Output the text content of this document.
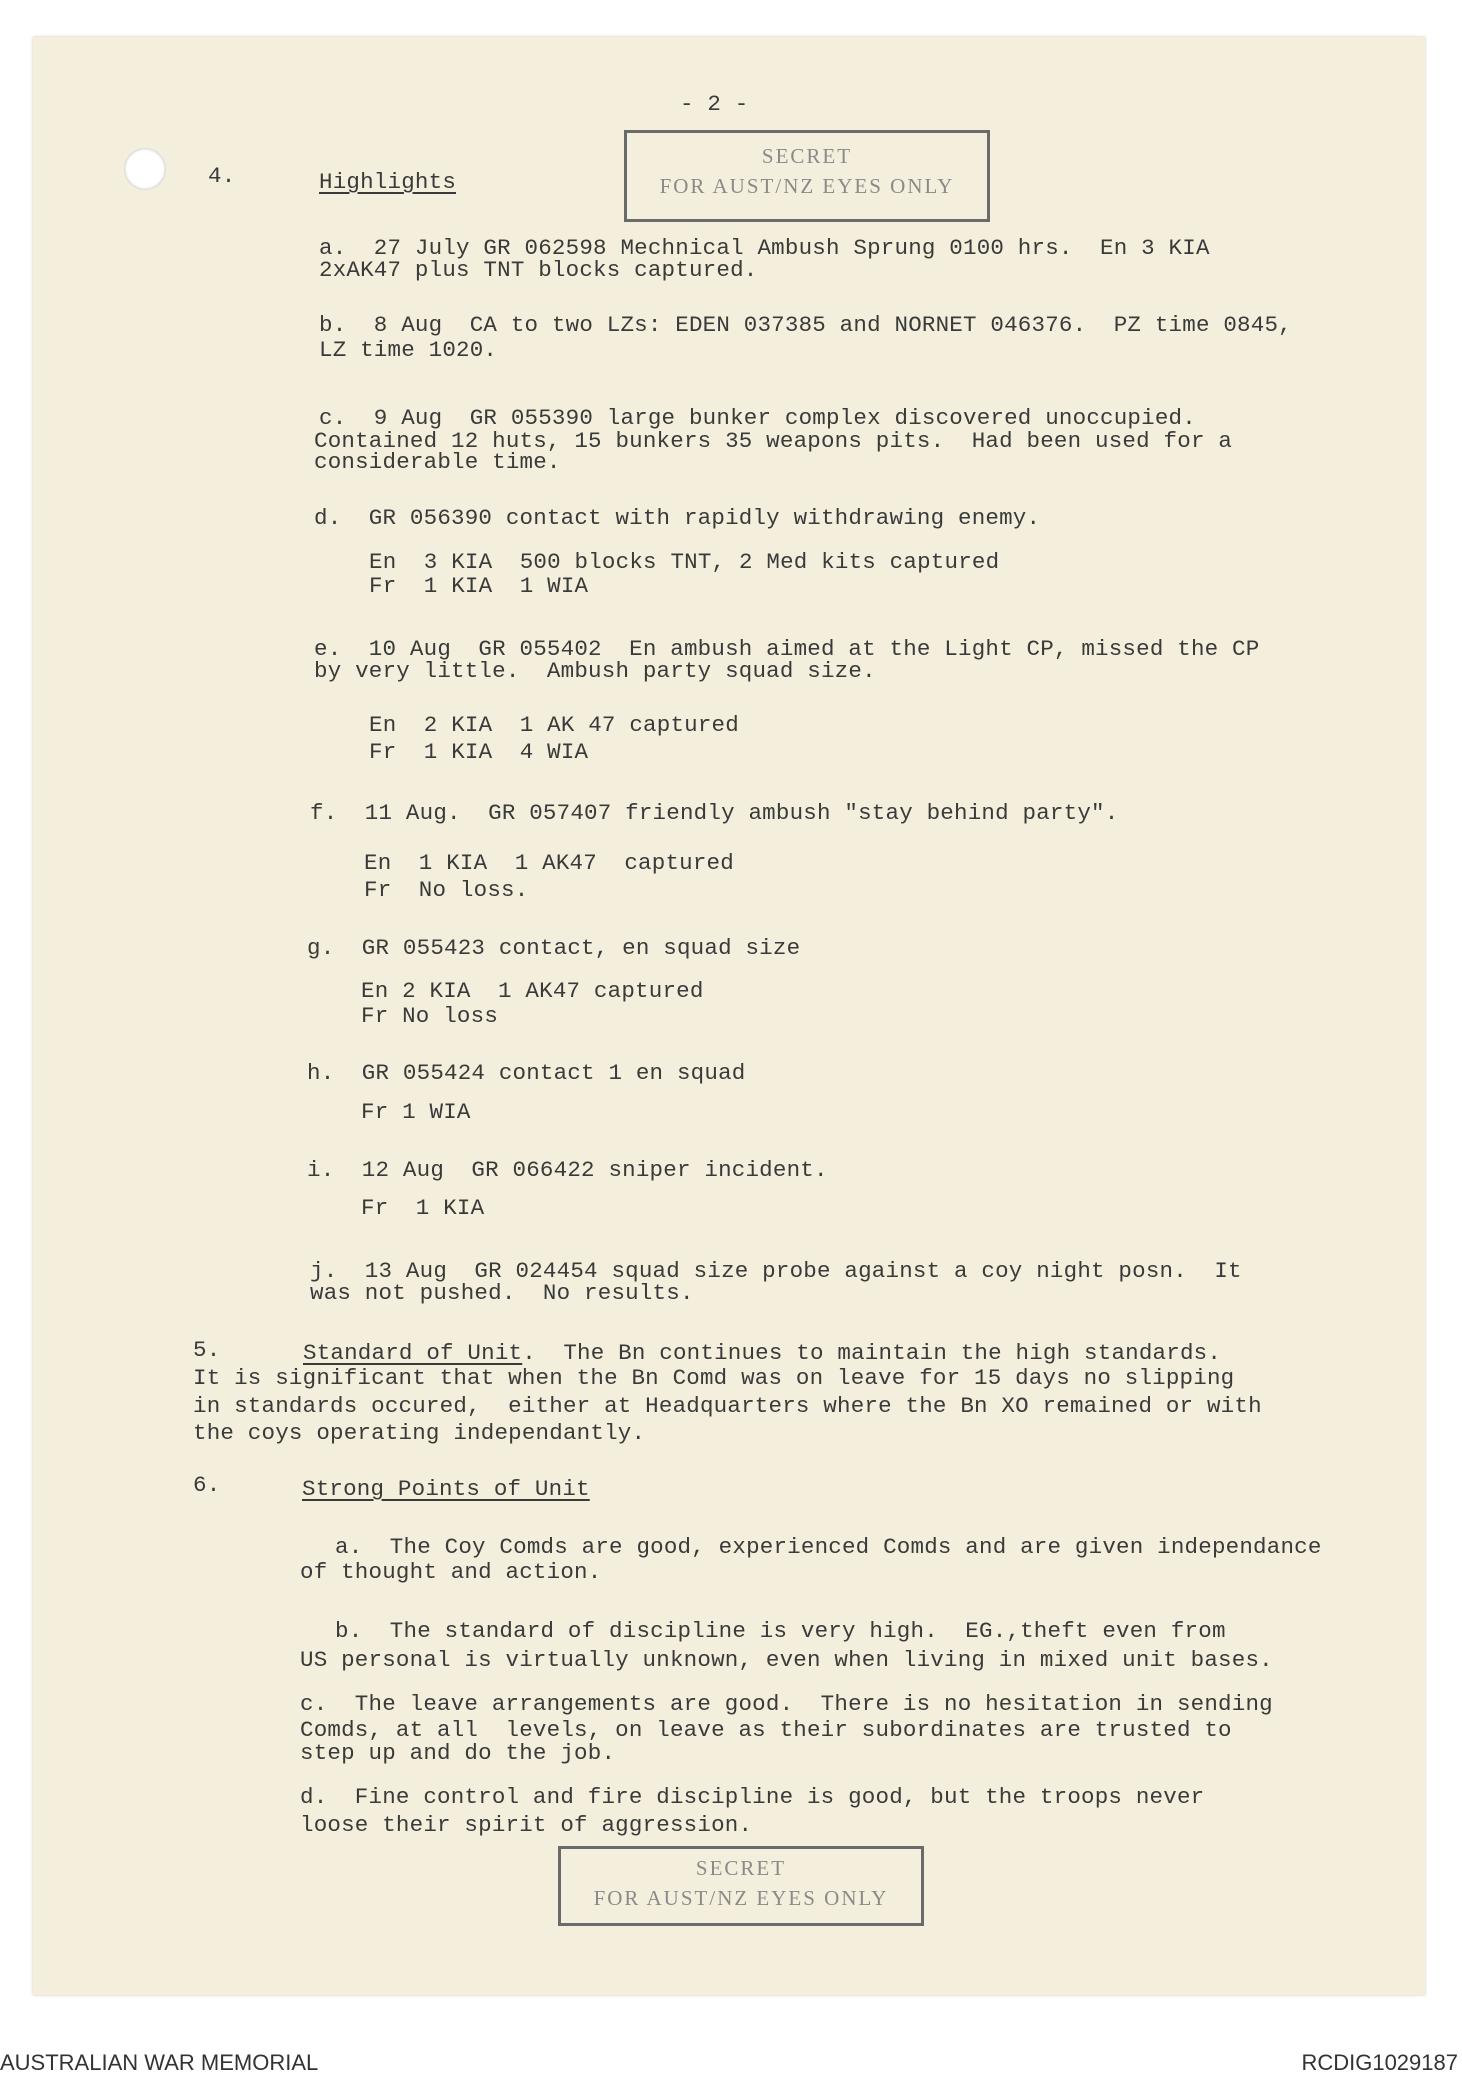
- 2 -
SECRET
FOR AUST/NZ EYES ONLY
4.	Highlights
a.  27 July GR 062598 Mechnical Ambush Sprung 0100 hrs.  En 3 KIA
2xAK47 plus TNT blocks captured.
b.  8 Aug  CA to two LZs: EDEN 037385 and NORNET 046376.  PZ time 0845,
LZ time 1020.
c.  9 Aug  GR 055390 large bunker complex discovered unoccupied.
Contained 12 huts, 15 bunkers 35 weapons pits.  Had been used for a
considerable time.
d.  GR 056390 contact with rapidly withdrawing enemy.
En  3 KIA  500 blocks TNT, 2 Med kits captured
Fr  1 KIA  1 WIA
e.  10 Aug  GR 055402  En ambush aimed at the Light CP, missed the CP
by very little.  Ambush party squad size.
En  2 KIA  1 AK 47 captured
Fr  1 KIA  4 WIA
f.  11 Aug.  GR 057407 friendly ambush "stay behind party".
En  1 KIA  1 AK47  captured
Fr  No loss.
g.  GR 055423 contact, en squad size
En 2 KIA  1 AK47 captured
Fr No loss
h.  GR 055424 contact 1 en squad
Fr 1 WIA
i.  12 Aug  GR 066422 sniper incident.
Fr  1 KIA
j.  13 Aug  GR 024454 squad size probe against a coy night posn.  It
was not pushed.  No results.
5.	Standard of Unit.  The Bn continues to maintain the high standards.
It is significant that when the Bn Comd was on leave for 15 days no slipping
in standards occured,  either at Headquarters where the Bn XO remained or with
the coys operating independantly.
6.	Strong Points of Unit
a.  The Coy Comds are good, experienced Comds and are given independance
of thought and action.
b.  The standard of discipline is very high.  EG.,theft even from
US personal is virtually unknown, even when living in mixed unit bases.
c.  The leave arrangements are good.  There is no hesitation in sending
Comds, at all  levels, on leave as their subordinates are trusted to
step up and do the job.
d.  Fine control and fire discipline is good, but the troops never
loose their spirit of aggression.
SECRET
FOR AUST/NZ EYES ONLY
AUSTRALIAN WAR MEMORIAL	RCDIG1029187
